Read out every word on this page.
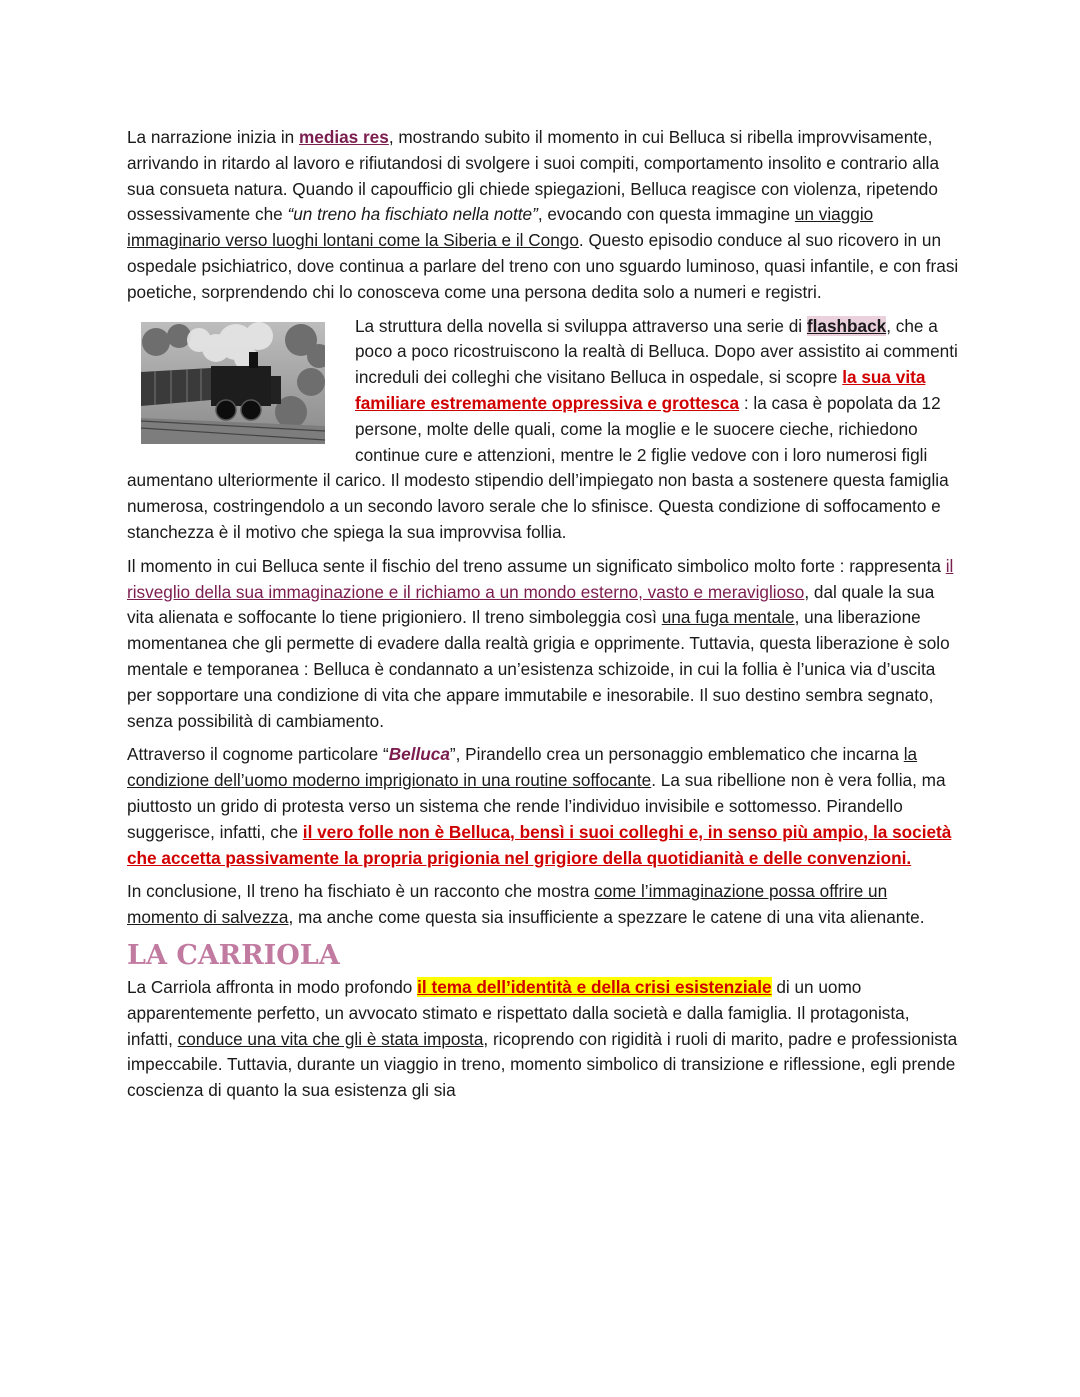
La narrazione inizia in medias res, mostrando subito il momento in cui Belluca si ribella improvvisamente, arrivando in ritardo al lavoro e rifiutandosi di svolgere i suoi compiti, comportamento insolito e contrario alla sua consueta natura. Quando il capoufficio gli chiede spiegazioni, Belluca reagisce con violenza, ripetendo ossessivamente che “un treno ha fischiato nella notte”, evocando con questa immagine un viaggio immaginario verso luoghi lontani come la Siberia e il Congo. Questo episodio conduce al suo ricovero in un ospedale psichiatrico, dove continua a parlare del treno con uno sguardo luminoso, quasi infantile, e con frasi poetiche, sorprendendo chi lo conosceva come una persona dedita solo a numeri e registri.

La struttura della novella si sviluppa attraverso una serie di flashback, che a poco a poco ricostruiscono la realtà di Belluca. Dopo aver assistito ai commenti increduli dei colleghi che visitano Belluca in ospedale, si scopre la sua vita familiare estremamente oppressiva e grottesca : la casa è popolata da 12 persone, molte delle quali, come la moglie e le suocere cieche, richiedono continue cure e attenzioni, mentre le 2 figlie vedove con i loro numerosi figli aumentano ulteriormente il carico. Il modesto stipendio dell’impiegato non basta a sostenere questa famiglia numerosa, costringendolo a un secondo lavoro serale che lo sfinisce. Questa condizione di soffocamento e stanchezza è il motivo che spiega la sua improvvisa follia.

Il momento in cui Belluca sente il fischio del treno assume un significato simbolico molto forte : rappresenta il risveglio della sua immaginazione e il richiamo a un mondo esterno, vasto e meraviglioso, dal quale la sua vita alienata e soffocante lo tiene prigioniero. Il treno simboleggia così una fuga mentale, una liberazione momentanea che gli permette di evadere dalla realtà grigia e opprimente. Tuttavia, questa liberazione è solo mentale e temporanea : Belluca è condannato a un’esistenza schizoide, in cui la follia è l’unica via d’uscita per sopportare una condizione di vita che appare immutabile e inesorabile. Il suo destino sembra segnato, senza possibilità di cambiamento.

Attraverso il cognome particolare “Belluca”, Pirandello crea un personaggio emblematico che incarna la condizione dell’uomo moderno imprigionato in una routine soffocante. La sua ribellione non è vera follia, ma piuttosto un grido di protesta verso un sistema che rende l’individuo invisibile e sottomesso. Pirandello suggerisce, infatti, che il vero folle non è Belluca, bensì i suoi colleghi e, in senso più ampio, la società che accetta passivamente la propria prigionia nel grigiore della quotidianità e delle convenzioni.

In conclusione, Il treno ha fischiato è un racconto che mostra come l’immaginazione possa offrire un momento di salvezza, ma anche come questa sia insufficiente a spezzare le catene di una vita alienante.

LA CARRIOLA

La Carriola affronta in modo profondo il tema dell’identità e della crisi esistenziale di un uomo apparentemente perfetto, un avvocato stimato e rispettato dalla società e dalla famiglia. Il protagonista, infatti, conduce una vita che gli è stata imposta, ricoprendo con rigidità i ruoli di marito, padre e professionista impeccabile. Tuttavia, durante un viaggio in treno, momento simbolico di transizione e riflessione, egli prende coscienza di quanto la sua esistenza gli sia
